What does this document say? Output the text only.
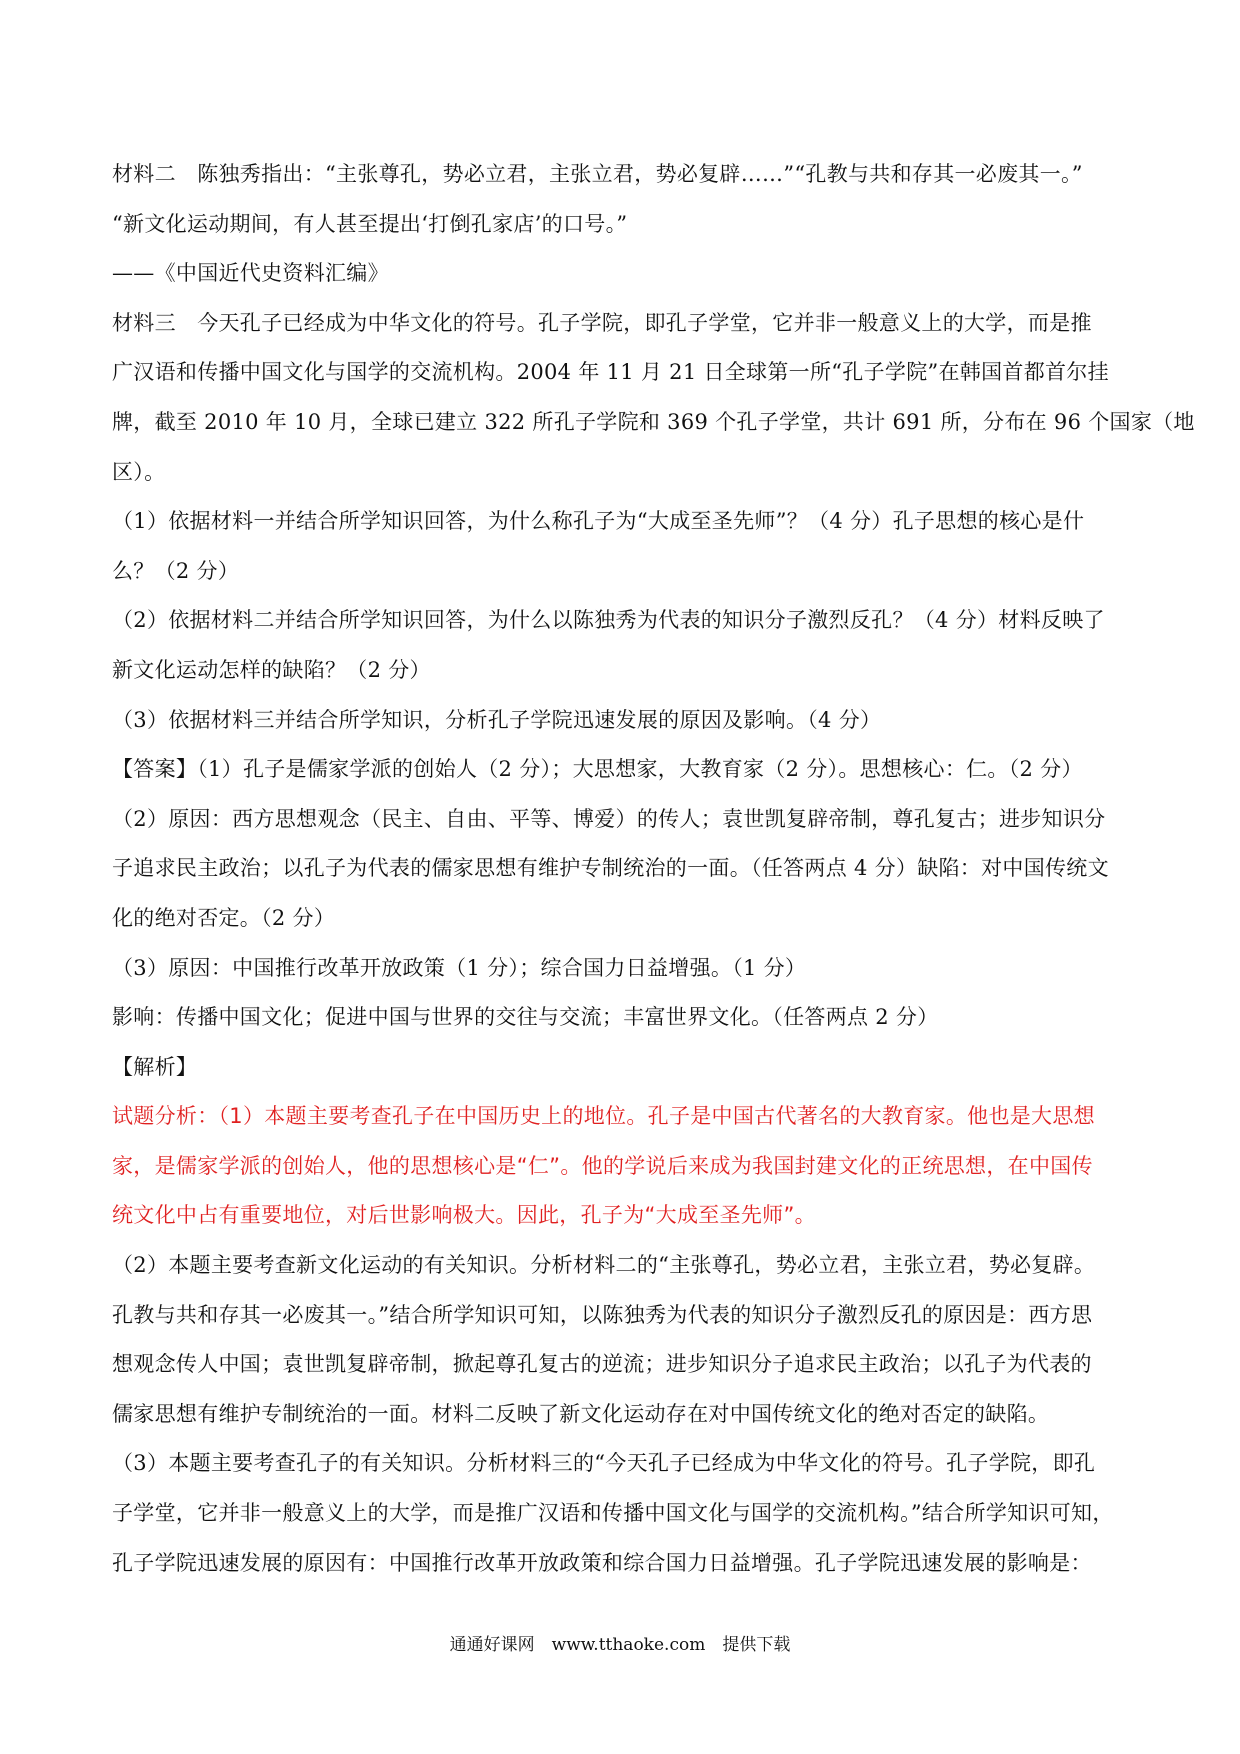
材料二　陈独秀指出：“主张尊孔，势必立君，主张立君，势必复辟……”“孔教与共和存其一必废其一。”
“新文化运动期间，有人甚至提出‘打倒孔家店’的口号。”
——《中国近代史资料汇编》
材料三　今天孔子已经成为中华文化的符号。孔子学院，即孔子学堂，它并非一般意义上的大学，而是推
广汉语和传播中国文化与国学的交流机构。2004 年 11 月 21 日全球第一所“孔子学院”在韩国首都首尔挂
牌，截至 2010 年 10 月，全球已建立 322 所孔子学院和 369 个孔子学堂，共计 691 所，分布在 96 个国家（地
区）。
（1）依据材料一并结合所学知识回答，为什么称孔子为“大成至圣先师”？（4 分）孔子思想的核心是什
么？（2 分）
（2）依据材料二并结合所学知识回答，为什么以陈独秀为代表的知识分子激烈反孔？（4 分）材料反映了
新文化运动怎样的缺陷？（2 分）
（3）依据材料三并结合所学知识，分析孔子学院迅速发展的原因及影响。（4 分）
【答案】（1）孔子是儒家学派的创始人（2 分）；大思想家，大教育家（2 分）。思想核心：仁。（2 分）
（2）原因：西方思想观念（民主、自由、平等、博爱）的传人；袁世凯复辟帝制，尊孔复古；进步知识分
子追求民主政治；以孔子为代表的儒家思想有维护专制统治的一面。（任答两点 4 分）缺陷：对中国传统文
化的绝对否定。（2 分）
（3）原因：中国推行改革开放政策（1 分）；综合国力日益增强。（1 分）
影响：传播中国文化；促进中国与世界的交往与交流；丰富世界文化。（任答两点 2 分）
【解析】
试题分析：（1）本题主要考查孔子在中国历史上的地位。孔子是中国古代著名的大教育家。他也是大思想
家，是儒家学派的创始人，他的思想核心是“仁”。他的学说后来成为我国封建文化的正统思想，在中国传
统文化中占有重要地位，对后世影响极大。因此，孔子为“大成至圣先师”。
（2）本题主要考查新文化运动的有关知识。分析材料二的“主张尊孔，势必立君，主张立君，势必复辟。
孔教与共和存其一必废其一。”结合所学知识可知，以陈独秀为代表的知识分子激烈反孔的原因是：西方思
想观念传人中国；袁世凯复辟帝制，掀起尊孔复古的逆流；进步知识分子追求民主政治；以孔子为代表的
儒家思想有维护专制统治的一面。材料二反映了新文化运动存在对中国传统文化的绝对否定的缺陷。
（3）本题主要考查孔子的有关知识。分析材料三的“今天孔子已经成为中华文化的符号。孔子学院，即孔
子学堂，它并非一般意义上的大学，而是推广汉语和传播中国文化与国学的交流机构。”结合所学知识可知，
孔子学院迅速发展的原因有：中国推行改革开放政策和综合国力日益增强。孔子学院迅速发展的影响是：
通通好课网　www.tthaoke.com　提供下载
